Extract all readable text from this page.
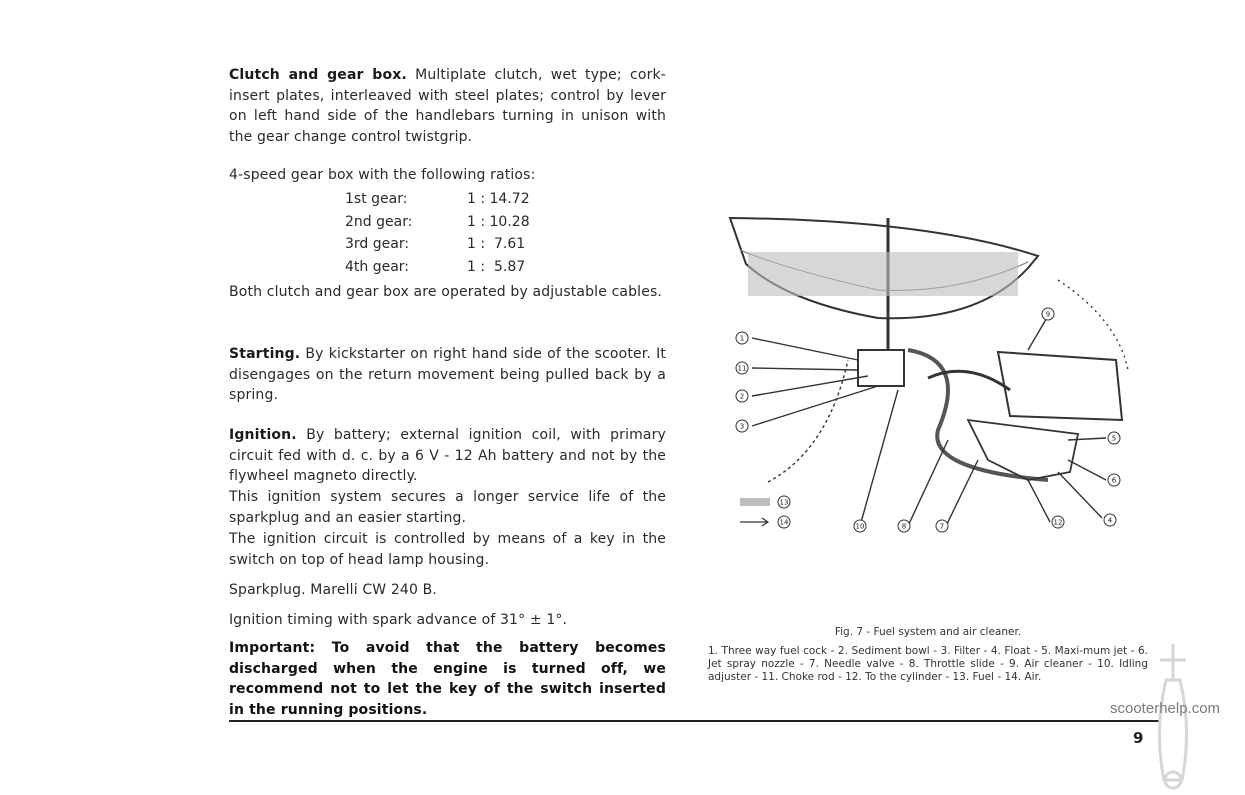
Clutch and gear box. Multiplate clutch, wet type; cork-insert plates, interleaved with steel plates; control by lever on left hand side of the handlebars turning in unison with the gear change control twistgrip.
4-speed gear box with the following ratios:
1st gear:	1 : 14.72
2nd gear:	1 : 10.28
3rd gear:	1 :  7.61
4th gear:	1 :  5.87
Both clutch and gear box are operated by adjustable cables.
Starting. By kickstarter on right hand side of the scooter. It disengages on the return movement being pulled back by a spring.
Ignition. By battery; external ignition coil, with primary circuit fed with d. c. by a 6 V - 12 Ah battery and not by the flywheel magneto directly.
This ignition system secures a longer service life of the sparkplug and an easier starting.
The ignition circuit is controlled by means of a key in the switch on top of head lamp housing.
Sparkplug. Marelli CW 240 B.
Ignition timing with spark advance of 31° ± 1°.
Important: To avoid that the battery becomes discharged when the engine is turned off, we recommend not to let the key of the switch inserted in the running positions.
1
11
2
3
9
5
6
4
12
7
8
10
13
14
Fig. 7 - Fuel system and air cleaner.
1. Three way fuel cock - 2. Sediment bowl - 3. Filter - 4. Float - 5. Maxi-mum jet - 6. Jet spray nozzle - 7. Needle valve - 8. Throttle slide - 9. Air cleaner - 10. Idling adjuster - 11. Choke rod - 12. To the cylinder - 13. Fuel - 14. Air.
scooterhelp.com
9
